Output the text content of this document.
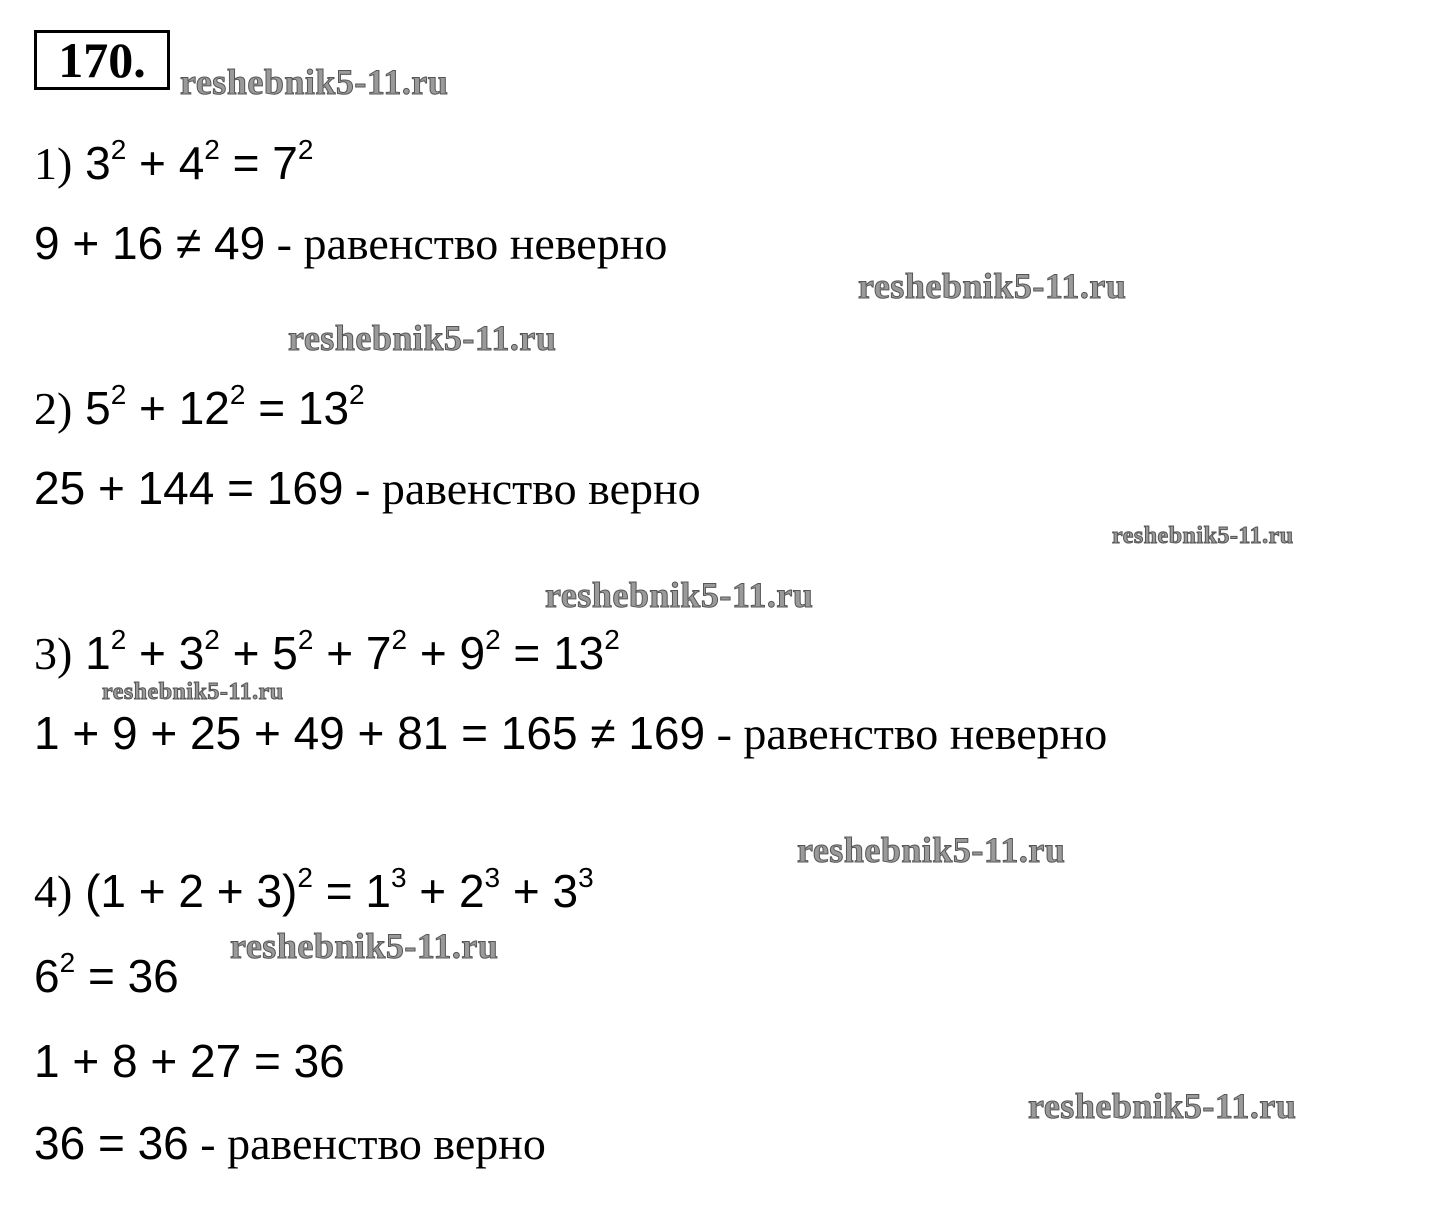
170.
1) $3^2 + 4^2 = 7^2$
9 + 16 ≠ 49 - равенство неверно
2) $5^2 + 12^2 = 13^2$
25 + 144 = 169 - равенство верно
3) $1^2 + 3^2 + 5^2 + 7^2 + 9^2 = 13^2$
1 + 9 + 25 + 49 + 81 = 165 ≠ 169 - равенство неверно
4) $(1 + 2 + 3)^2 = 1^3 + 2^3 + 3^3$
$6^2 = 36$
1 + 8 + 27 = 36
36 = 36 - равенство верно
reshebnik5-11.ru
reshebnik5-11.ru
reshebnik5-11.ru
reshebnik5-11.ru
reshebnik5-11.ru
reshebnik5-11.ru
reshebnik5-11.ru
reshebnik5-11.ru
reshebnik5-11.ru
